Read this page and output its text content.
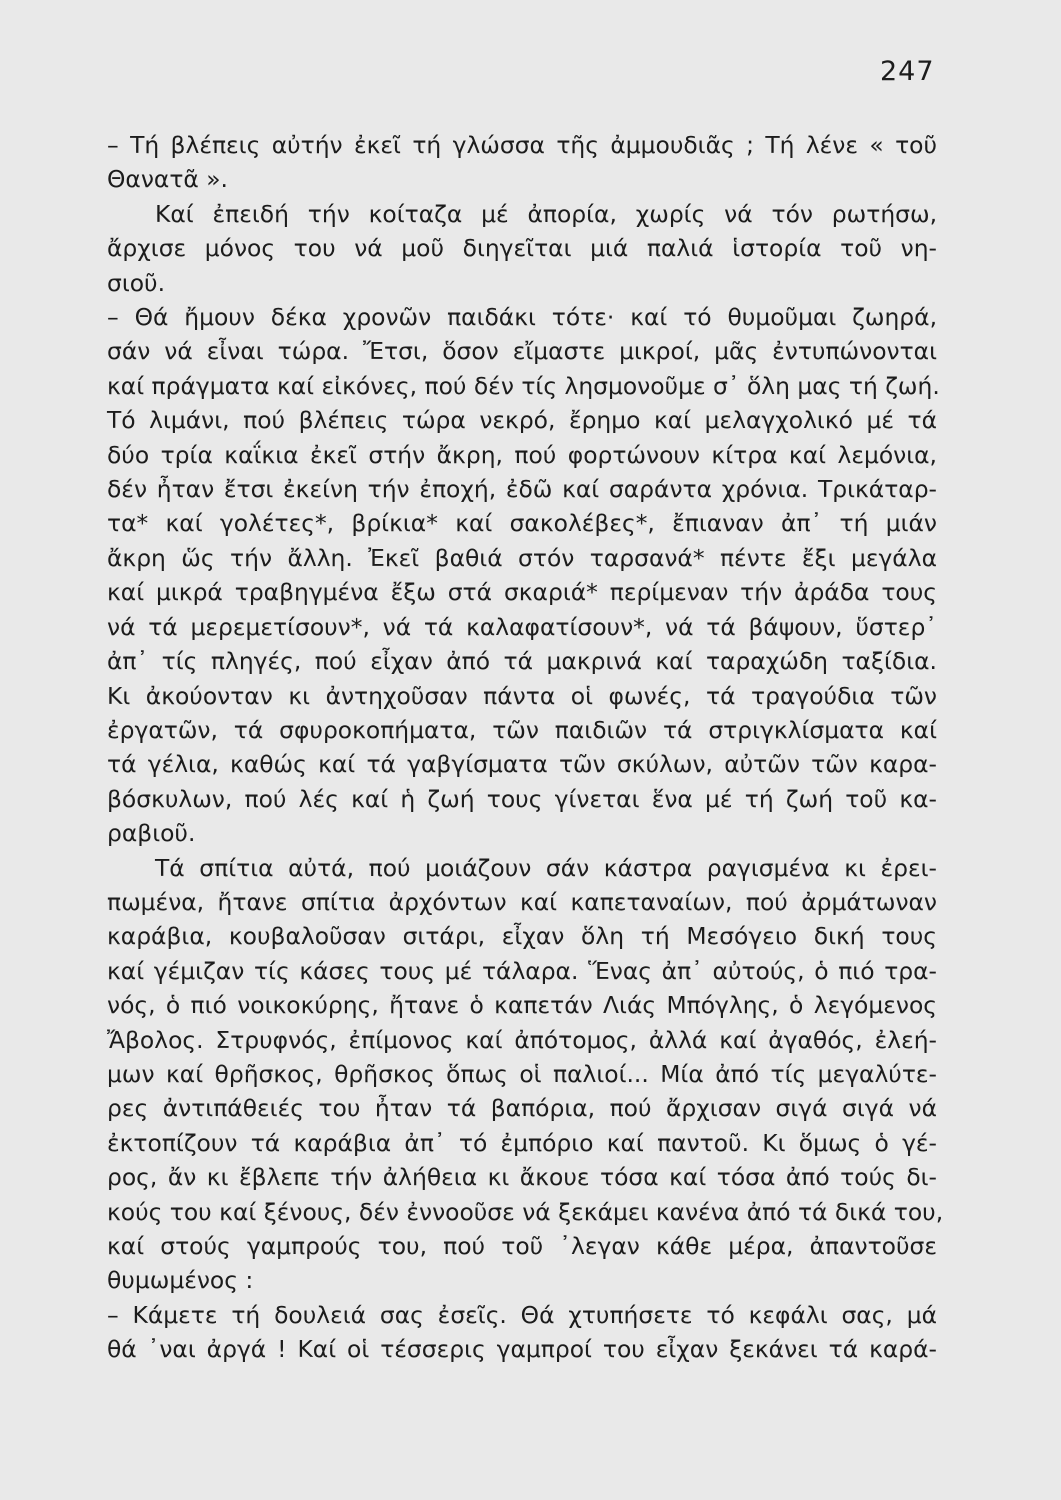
247
– Τή βλέπεις αὐτήν ἐκεῖ τή γλώσσα τῆς ἀμμουδιᾶς ; Τή λένε « τοῦ
Θανατᾶ ».
Καί ἐπειδή τήν κοίταζα μέ ἀπορία, χωρίς νά τόν ρωτήσω,
ἄρχισε μόνος του νά μοῦ διηγεῖται μιά παλιά ἱστορία τοῦ νη-
σιοῦ.
– Θά ἤμουν δέκα χρονῶν παιδάκι τότε· καί τό θυμοῦμαι ζωηρά,
σάν νά εἶναι τώρα. Ἔτσι, ὅσον εἴμαστε μικροί, μᾶς ἐντυπώνονται
καί πράγματα καί εἰκόνες, πού δέν τίς λησμονοῦμε σ᾽ ὅλη μας τή ζωή.
Τό λιμάνι, πού βλέπεις τώρα νεκρό, ἔρημο καί μελαγχολικό μέ τά
δύο τρία καΐκια ἐκεῖ στήν ἄκρη, πού φορτώνουν κίτρα καί λεμόνια,
δέν ἦταν ἔτσι ἐκείνη τήν ἐποχή, ἐδῶ καί σαράντα χρόνια. Τρικάταρ-
τα* καί γολέτες*, βρίκια* καί σακολέβες*, ἔπιαναν ἀπ᾽ τή μιάν
ἄκρη ὥς τήν ἄλλη. Ἐκεῖ βαθιά στόν ταρσανά* πέντε ἔξι μεγάλα
καί μικρά τραβηγμένα ἔξω στά σκαριά* περίμεναν τήν ἀράδα τους
νά τά μερεμετίσουν*, νά τά καλαφατίσουν*, νά τά βάψουν, ὕστερ᾽
ἀπ᾽ τίς πληγές, πού εἶχαν ἀπό τά μακρινά καί ταραχώδη ταξίδια.
Κι ἀκούονταν κι ἀντηχοῦσαν πάντα οἱ φωνές, τά τραγούδια τῶν
ἐργατῶν, τά σφυροκοπήματα, τῶν παιδιῶν τά στριγκλίσματα καί
τά γέλια, καθώς καί τά γαβγίσματα τῶν σκύλων, αὐτῶν τῶν καρα-
βόσκυλων, πού λές καί ἡ ζωή τους γίνεται ἕνα μέ τή ζωή τοῦ κα-
ραβιοῦ.
Τά σπίτια αὐτά, πού μοιάζουν σάν κάστρα ραγισμένα κι ἐρει-
πωμένα, ἤτανε σπίτια ἀρχόντων καί καπεταναίων, πού ἀρμάτωναν
καράβια, κουβαλοῦσαν σιτάρι, εἶχαν ὅλη τή Μεσόγειο δική τους
καί γέμιζαν τίς κάσες τους μέ τάλαρα. Ἕνας ἀπ᾽ αὐτούς, ὁ πιό τρα-
νός, ὁ πιό νοικοκύρης, ἤτανε ὁ καπετάν Λιάς Μπόγλης, ὁ λεγόμενος
Ἄβολος. Στρυφνός, ἐπίμονος καί ἀπότομος, ἀλλά καί ἀγαθός, ἐλεή-
μων καί θρῆσκος, θρῆσκος ὅπως οἱ παλιοί... Μία ἀπό τίς μεγαλύτε-
ρες ἀντιπάθειές του ἦταν τά βαπόρια, πού ἄρχισαν σιγά σιγά νά
ἐκτοπίζουν τά καράβια ἀπ᾽ τό ἐμπόριο καί παντοῦ. Κι ὅμως ὁ γέ-
ρος, ἄν κι ἔβλεπε τήν ἀλήθεια κι ἄκουε τόσα καί τόσα ἀπό τούς δι-
κούς του καί ξένους, δέν ἐννοοῦσε νά ξεκάμει κανένα ἀπό τά δικά του,
καί στούς γαμπρούς του, πού τοῦ ᾽λεγαν κάθε μέρα, ἀπαντοῦσε
θυμωμένος :
– Κάμετε τή δουλειά σας ἐσεῖς. Θά χτυπήσετε τό κεφάλι σας, μά
θά ᾽ναι ἀργά ! Καί οἱ τέσσερις γαμπροί του εἶχαν ξεκάνει τά καρά-
